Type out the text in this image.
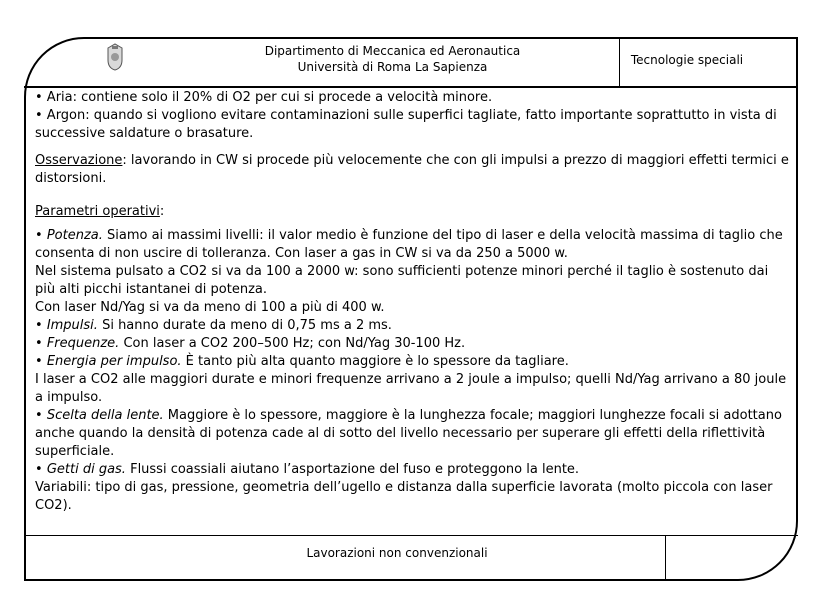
Dipartimento di Meccanica ed Aeronautica
Università di Roma La Sapienza	Tecnologie speciali

• Aria: contiene solo il 20% di O2 per cui si procede a velocità minore.

• Argon: quando si vogliono evitare contaminazioni sulle superfici tagliate, fatto importante soprattutto in vista di successive saldature o brasature.

Osservazione: lavorando in CW si procede più velocemente che con gli impulsi a prezzo di maggiori effetti termici e distorsioni.

Parametri operativi:

• Potenza. Siamo ai massimi livelli: il valor medio è funzione del tipo di laser e della velocità massima di taglio che consenta di non uscire di tolleranza. Con laser a gas in CW si va da 250 a 5000 w.

Nel sistema pulsato a CO2 si va da 100 a 2000 w: sono sufficienti potenze minori perché il taglio è sostenuto dai più alti picchi istantanei di potenza.

Con laser Nd/Yag si va da meno di 100 a più di 400 w.

• Impulsi. Si hanno durate da meno di 0,75 ms a 2 ms.

• Frequenze. Con laser a CO2 200–500 Hz; con Nd/Yag 30-100 Hz.

• Energia per impulso. È tanto più alta quanto maggiore è lo spessore da tagliare.

I laser a CO2 alle maggiori durate e minori frequenze arrivano a 2 joule a impulso; quelli Nd/Yag arrivano a 80 joule a impulso.

• Scelta della lente. Maggiore è lo spessore, maggiore è la lunghezza focale; maggiori lunghezze focali si adottano anche quando la densità di potenza cade al di sotto del livello necessario per superare gli effetti della riflettività superficiale.

• Getti di gas. Flussi coassiali aiutano l’asportazione del fuso e proteggono la lente.

Variabili: tipo di gas, pressione, geometria dell’ugello e distanza dalla superficie lavorata (molto piccola con laser CO2).

Lavorazioni non convenzionali
